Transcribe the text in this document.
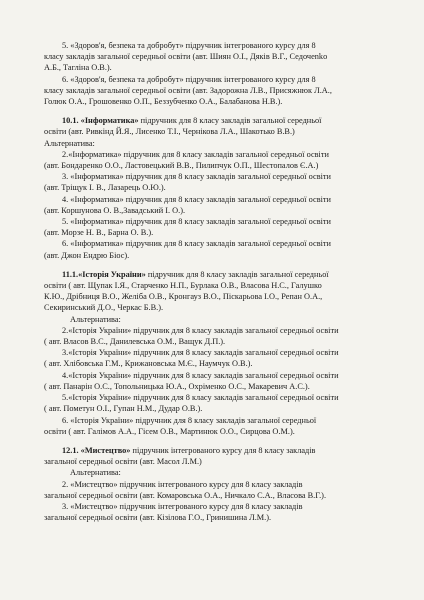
5. «Здоров'я, безпека та добробут» підручник інтегрованого курсу для 8

класу закладів загальної середньої освіти (авт. Шиян О.І., Дяків В.Г., Седочenko

А.Б., Тагліна О.В.).

6. «Здоров'я, безпека та добробут» підручник інтегрованого курсу для 8

класу закладів загальної середньої освіти (авт. Задорожна Л.В., Присяжнюк Л.А.,

Голюк О.А., Грошовенко О.П., Беззубченко О.А., Балабанова Н.В.).

10.1. «Інформатика» підручник для 8 класу закладів загальної середньої

освіти (авт. Ривкінд Й.Я., Лисенко Т.І., Чернікова Л.А., Шакотько В.В.)

Альтернатива:

2.«Інформатика» підручник для 8 класу закладів загальної середньої освіти

(авт. Бондаренко О.О., Ластовецький В.В., Пилипчук О.П., Шестопалов Є.А.)

3. «Інформатика» підручник для 8 класу закладів загальної середньої освіти

(авт. Тріщук І. В., Лазарець О.Ю.).

4. «Інформатика» підручник для 8 класу закладів загальної середньої освіти

(авт. Коршунова О. В.,Завадський І. О.).

5. «Інформатика» підручник для 8 класу закладів загальної середньої освіти

(авт. Морзе Н. В., Барна О. В.).

6. «Інформатика» підручник для 8 класу закладів загальної середньої освіти

(авт. Джон Ендрю Біос).

11.1.«Історія України» підручник для 8 класу закладів загальної середньої

освіти ( авт. Щупак І.Я., Старченко Н.П., Бурлака О.В., Власова Н.С., Галушко

К.Ю., Дрібниця В.О., Желіба О.В., Кронгауз В.О., Піскарьова І.О., Репан О.А.,

Секиринський Д.О., Черкас Б.В.).

Альтернатива:

2.«Історія України» підручник для 8 класу закладів загальної середньої освіти

( авт. Власов В.С., Данилевська О.М., Ващук Д.П.).

3.«Історія України» підручник для 8 класу закладів загальної середньої освіти

( авт. Хлібовська Г.М., Крижановська М.Є., Наумчук О.В.).

4.«Історія України» підручник для 8 класу закладів загальної середньої освіти

( авт. Панарін О.С., Топольницька Ю.А., Охріменко О.С., Макаревич А.С.).

5.«Історія України» підручник для 8 класу закладів загальної середньої освіти

( авт. Пометун О.І., Гупан Н.М., Дудар О.В.).

6. «Історія України» підручник для 8 класу закладів загальної середньої

освіти ( авт. Галімов А.А., Гісем О.В., Мартинюк О.О., Сирцова О.М.).

12.1. «Мистецтво» підручник інтегрованого курсу для 8 класу закладів

загальної середньої освіти (авт. Масол Л.М.)

Альтернатива:

2. «Мистецтво» підручник інтегрованого курсу для 8 класу закладів

загальної середньої освіти (авт. Комаровська О.А., Ничкало С.А., Власова В.Г.).

3. «Мистецтво» підручник інтегрованого курсу для 8 класу закладів

загальної середньої освіти (авт. Кізілова Г.О., Гринишина Л.М.).
